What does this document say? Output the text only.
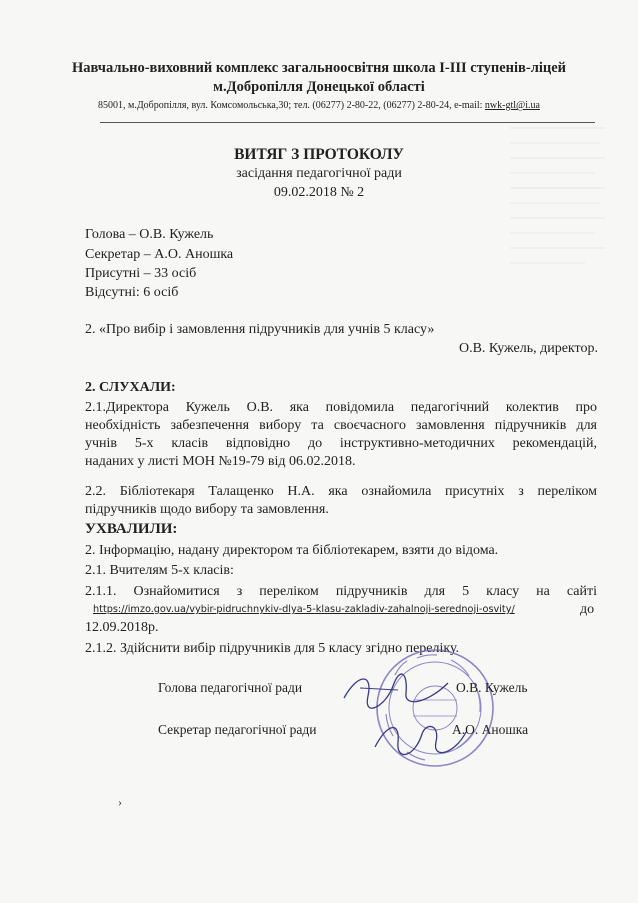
Навчально-виховний комплекс загальноосвітня школа І-ІІІ ступенів-ліцей
м.Добропілля Донецької області
85001, м.Добропілля, вул. Комсомольська,30; тел. (06277) 2-80-22, (06277) 2-80-24, e-mail: nwk-gtl@i.ua
ВИТЯГ З ПРОТОКОЛУ
засідання педагогічної ради
09.02.2018 № 2
Голова – О.В. Кужель
Секретар – А.О. Аношка
Присутні – 33 осіб
Відсутні: 6 осіб
2. «Про вибір і замовлення підручників для учнів 5 класу»
О.В. Кужель, директор.
2. СЛУХАЛИ:
2.1.Директора Кужель О.В. яка повідомила педагогічний колектив про
необхідність забезпечення вибору та своєчасного замовлення підручників для
учнів 5-х класів відповідно до інструктивно-методичних рекомендацій,
наданих у листі МОН №19-79 від 06.02.2018.
2.2. Бібліотекаря Талащенко Н.А. яка ознайомила присутніх з переліком
підручників щодо вибору та замовлення.
УХВАЛИЛИ:
2. Інформацію, надану директором та бібліотекарем, взяти до відома.
2.1. Вчителям 5-х класів:
2.1.1. Ознайомитися з переліком підручників для 5 класу на сайті
https://imzo.gov.ua/vybir-pidruchnykiv-dlya-5-klasu-zakladiv-zahalnoji-serednoji-osvity/	до
12.09.2018р.
2.1.2. Здійснити вибір підручників для 5 класу згідно переліку.
Голова педагогічної ради	О.В. Кужель
Секретар педагогічної ради	А.О. Аношка
›
